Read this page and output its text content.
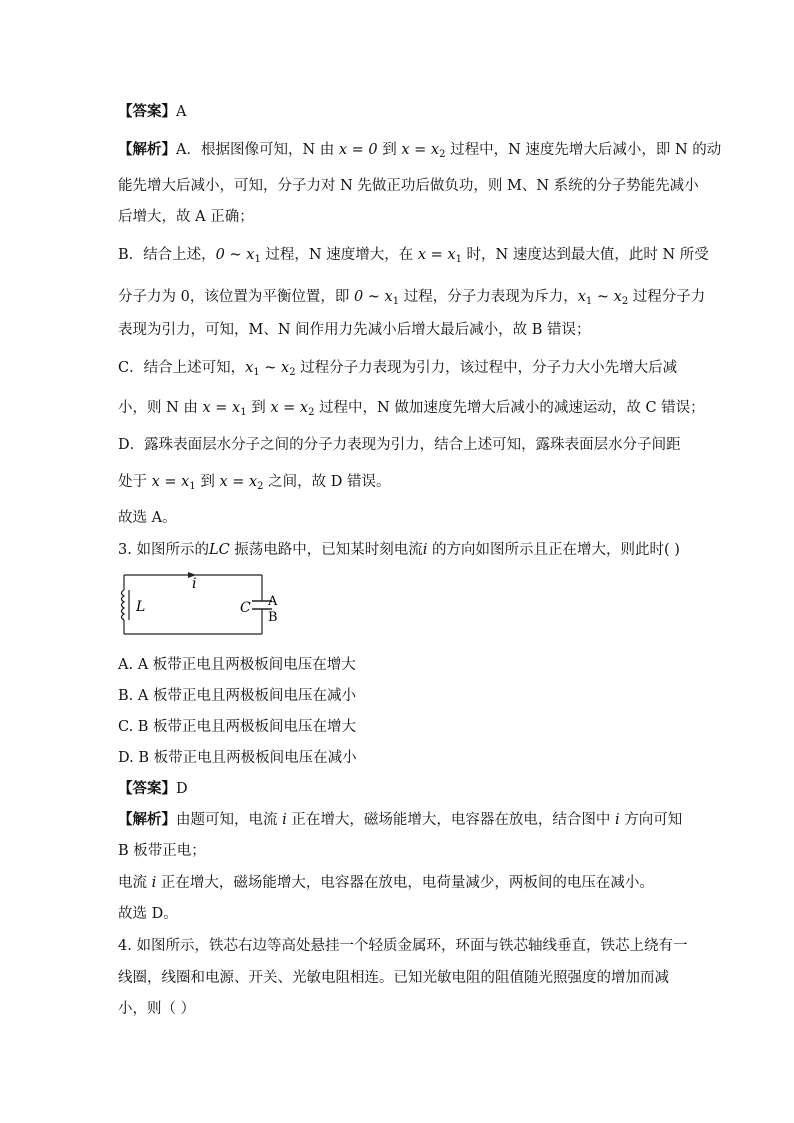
【答案】A
【解析】A．根据图像可知，N 由 x = 0 到 $x = x_2$ 过程中，N 速度先增大后减小，即 N 的动
能先增大后减小，可知，分子力对 N 先做正功后做负功，则 M、N 系统的分子势能先减小
后增大，故 A 正确；
B．结合上述，0 ~ $x_1$ 过程，N 速度增大，在 $x = x_1$ 时，N 速度达到最大值，此时 N 所受
分子力为 0，该位置为平衡位置，即 0 ~ $x_1$ 过程，分子力表现为斥力，$x_1$ ~ $x_2$ 过程分子力
表现为引力，可知，M、N 间作用力先减小后增大最后减小，故 B 错误；
C．结合上述可知，$x_1$ ~ $x_2$ 过程分子力表现为引力，该过程中，分子力大小先增大后减
小，则 N 由 $x = x_1$ 到 $x = x_2$ 过程中，N 做加速度先增大后减小的减速运动，故 C 错误；
D．露珠表面层水分子之间的分子力表现为引力，结合上述可知，露珠表面层水分子间距
处于 $x = x_1$ 到 $x = x_2$ 之间，故 D 错误。
故选 A。
3. 如图所示的LC 振荡电路中，已知某时刻电流i 的方向如图所示且正在增大，则此时( )
L
i
C A
B
A. A 板带正电且两极板间电压在增大
B. A 板带正电且两极板间电压在减小
C. B 板带正电且两极板间电压在增大
D. B 板带正电且两极板间电压在减小
【答案】D
【解析】由题可知，电流 i 正在增大，磁场能增大，电容器在放电，结合图中 i 方向可知
B 板带正电；
电流 i 正在增大，磁场能增大，电容器在放电，电荷量减少，两板间的电压在减小。
故选 D。
4. 如图所示，铁芯右边等高处悬挂一个轻质金属环，环面与铁芯轴线垂直，铁芯上绕有一
线圈，线圈和电源、开关、光敏电阻相连。已知光敏电阻的阻值随光照强度的增加而减
小，则（ ）
